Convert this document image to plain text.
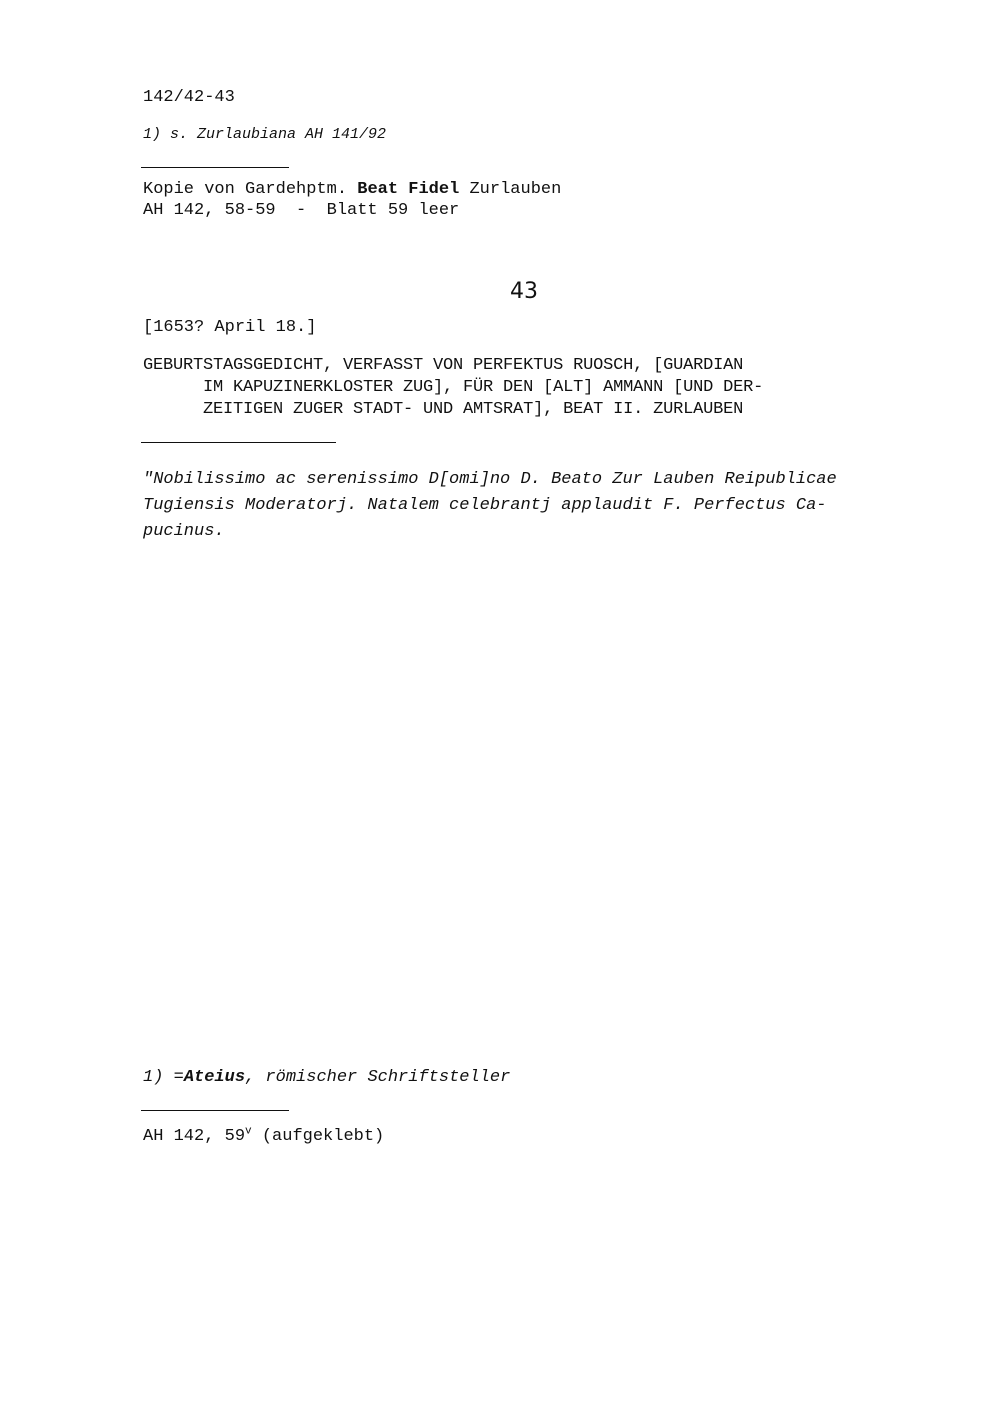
142/42-43
1) s. Zurlaubiana AH 141/92
Kopie von Gardehptm. Beat Fidel Zurlauben
AH 142, 58-59  -  Blatt 59 leer
43
[1653? April 18.]
GEBURTSTAGSGEDICHT, VERFASST VON PERFEKTUS RUOSCH, [GUARDIAN
IM KAPUZINERKLOSTER ZUG], FÜR DEN [ALT] AMMANN [UND DER-
ZEITIGEN ZUGER STADT- UND AMTSRAT], BEAT II. ZURLAUBEN
"Nobilissimo ac serenissimo D[omi]no D. Beato Zur Lauben Reipublicae
Tugiensis Moderatorj. Natalem celebrantj applaudit F. Perfectus Ca-
pucinus.
1) =Ateius, römischer Schriftsteller
AH 142, 59$^v$ (aufgeklebt)
